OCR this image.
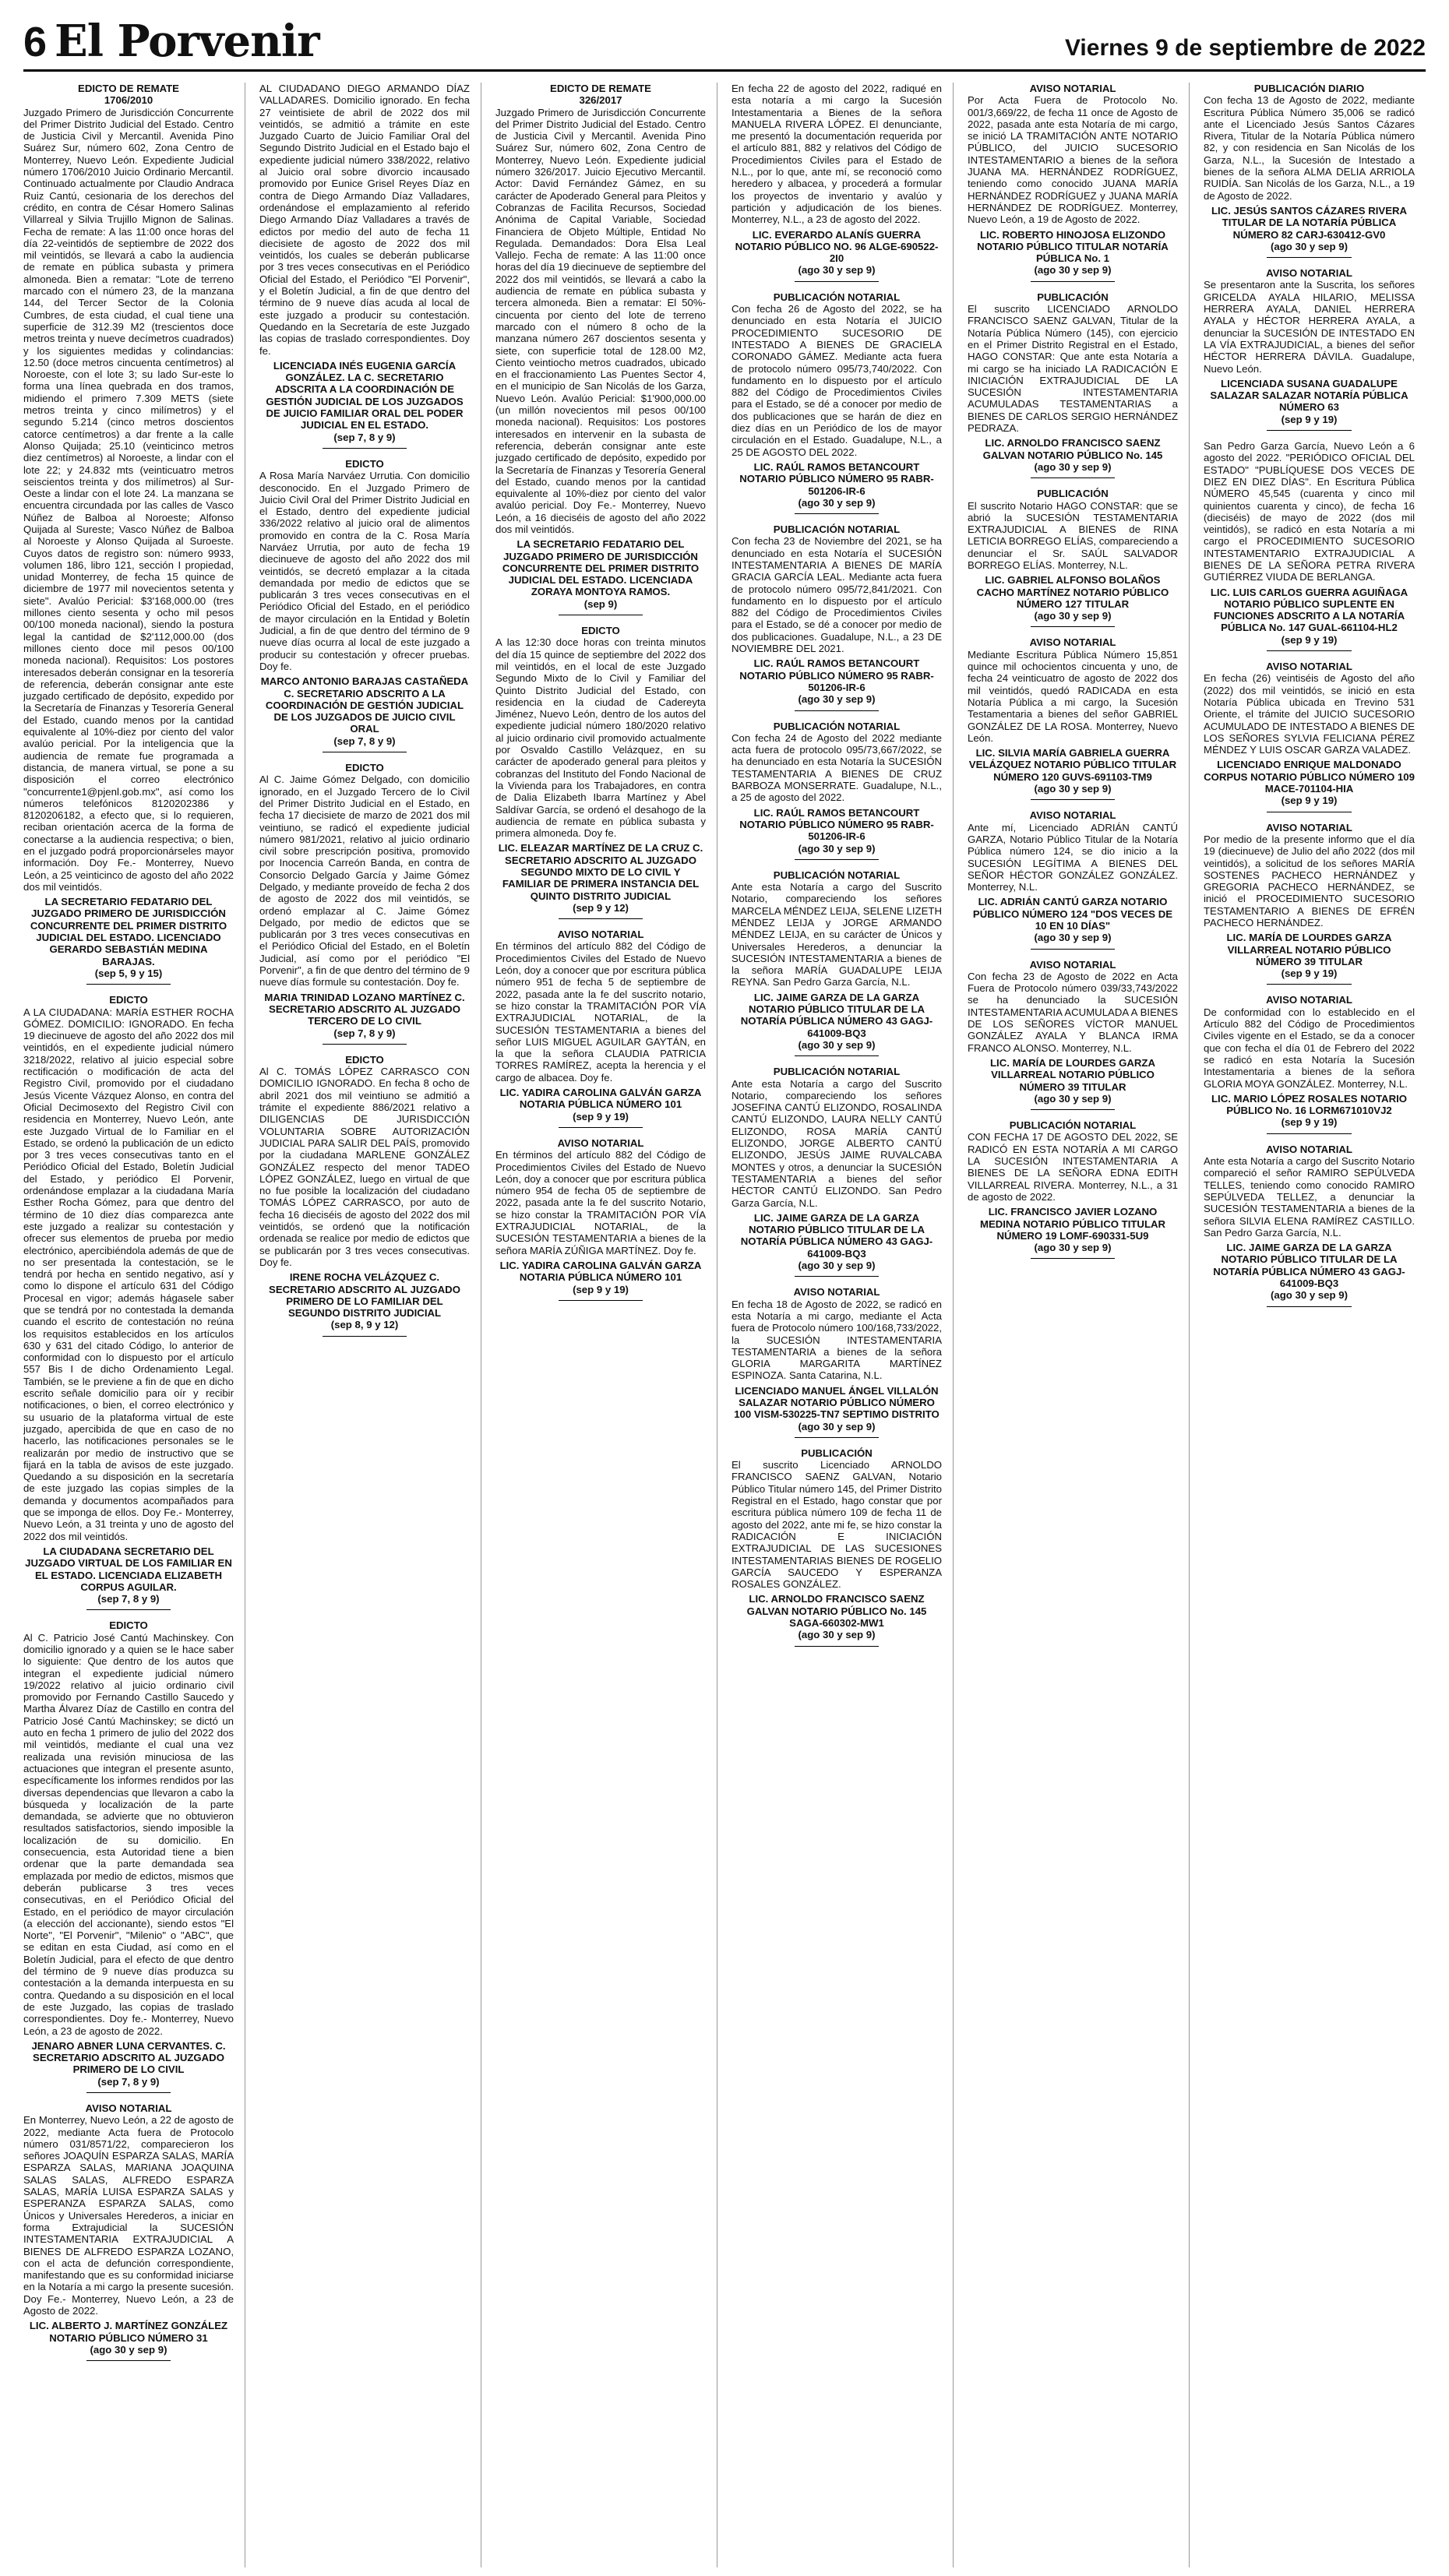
6 El Porvenir	Viernes 9 de septiembre de 2022
EDICTO DE REMATE
1706/2010
Juzgado Primero de Jurisdicción Concurrente del Primer Distrito Judicial del Estado. Centro de Justicia Civil y Mercantil. Avenida Pino Suárez Sur, número 602, Zona Centro de Monterrey, Nuevo León. Expediente Judicial número 1706/2010 Juicio Ordinario Mercantil. Continuado actualmente por Claudio Andraca Ruiz Cantú, cesionaria de los derechos del crédito, en contra de César Homero Salinas Villarreal y Silvia Trujillo Mignon de Salinas. Fecha de remate: A las 11:00 once horas del día 22-veintidós de septiembre de 2022 dos mil veintidós, se llevará a cabo la audiencia de remate en pública subasta y primera almoneda. Bien a rematar: "Lote de terreno marcado con el número 23, de la manzana 144, del Tercer Sector de la Colonia Cumbres, de esta ciudad, el cual tiene una superficie de 312.39 M2 (trescientos doce metros treinta y nueve decímetros cuadrados) y los siguientes medidas y colindancias: 12.50 (doce metros cincuenta centímetros) al Noroeste, con el lote 3; su lado Sur-este lo forma una línea quebrada en dos tramos, midiendo el primero 7.309 METS (siete metros treinta y cinco milímetros) y el segundo 5.214 (cinco metros doscientos catorce centímetros) a dar frente a la calle Alonso Quijada; 25.10 (veinticinco metros diez centímetros) al Noroeste, a lindar con el lote 22; y 24.832 mts (veinticuatro metros seiscientos treinta y dos milímetros) al Sur-Oeste a lindar con el lote 24. La manzana se encuentra circundada por las calles de Vasco Núñez de Balboa al Noroeste; Alfonso Quijada al Sureste; Vasco Núñez de Balboa al Noroeste y Alonso Quijada al Suroeste. Cuyos datos de registro son: número 9933, volumen 186, libro 121, sección I propiedad, unidad Monterrey, de fecha 15 quince de diciembre de 1977 mil novecientos setenta y siete". Avalúo Pericial: $3'168,000.00 (tres millones ciento sesenta y ocho mil pesos 00/100 moneda nacional), siendo la postura legal la cantidad de $2'112,000.00 (dos millones ciento doce mil pesos 00/100 moneda nacional). Requisitos: Los postores interesados deberán consignar en la tesorería de referencia, deberán consignar ante este juzgado certificado de depósito, expedido por la Secretaría de Finanzas y Tesorería General del Estado, cuando menos por la cantidad equivalente al 10%-diez por ciento del valor avalúo pericial. Por la inteligencia que la audiencia de remate fue programada a distancia, de manera virtual, se pone a su disposición el correo electrónico "concurrente1@pjenl.gob.mx", así como los números telefónicos 8120202386 y 8120206182, a efecto que, si lo requieren, reciban orientación acerca de la forma de conectarse a la audiencia respectiva; o bien, en el juzgado podrá proporcionárseles mayor información. Doy Fe.- Monterrey, Nuevo León, a 25 veinticinco de agosto del año 2022 dos mil veintidós.
LA SECRETARIO FEDATARIO DEL JUZGADO PRIMERO DE JURISDICCIÓN CONCURRENTE DEL PRIMER DISTRITO JUDICIAL DEL ESTADO. LICENCIADO GERARDO SEBASTIÁN MEDINA BARAJAS.
(sep 5, 9 y 15)
EDICTO
A LA CIUDADANA: MARÍA ESTHER ROCHA GÓMEZ. DOMICILIO: IGNORADO. En fecha 19 diecinueve de agosto del año 2022 dos mil veintidós, en el expediente judicial número 3218/2022, relativo al juicio especial sobre rectificación o modificación de acta del Registro Civil, promovido por el ciudadano Jesús Vicente Vázquez Alonso, en contra del Oficial Decimosexto del Registro Civil con residencia en Monterrey, Nuevo León, ante este Juzgado Virtual de lo Familiar en el Estado, se ordenó la publicación de un edicto por 3 tres veces consecutivas tanto en el Periódico Oficial del Estado, Boletín Judicial del Estado, y periódico El Porvenir, ordenándose emplazar a la ciudadana María Esther Rocha Gómez, para que dentro del término de 10 diez días comparezca ante este juzgado a realizar su contestación y ofrecer sus elementos de prueba por medio electrónico, apercibiéndola además de que de no ser presentada la contestación, se le tendrá por hecha en sentido negativo, así y como lo dispone el artículo 631 del Código Procesal en vigor; además hágasele saber que se tendrá por no contestada la demanda cuando el escrito de contestación no reúna los requisitos establecidos en los artículos 630 y 631 del citado Código, lo anterior de conformidad con lo dispuesto por el artículo 557 Bis I de dicho Ordenamiento Legal. También, se le previene a fin de que en dicho escrito señale domicilio para oír y recibir notificaciones, o bien, el correo electrónico y su usuario de la plataforma virtual de este juzgado, apercibida de que en caso de no hacerlo, las notificaciones personales se le realizarán por medio de instructivo que se fijará en la tabla de avisos de este juzgado. Quedando a su disposición en la secretaría de este juzgado las copias simples de la demanda y documentos acompañados para que se imponga de ellos. Doy Fe.- Monterrey, Nuevo León, a 31 treinta y uno de agosto del 2022 dos mil veintidós.
LA CIUDADANA SECRETARIO DEL JUZGADO VIRTUAL DE LOS FAMILIAR EN EL ESTADO. LICENCIADA ELIZABETH CORPUS AGUILAR.
(sep 7, 8 y 9)
EDICTO
Al C. Patricio José Cantú Machinskey. Con domicilio ignorado y a quien se le hace saber lo siguiente: Que dentro de los autos que integran el expediente judicial número 19/2022 relativo al juicio ordinario civil promovido por Fernando Castillo Saucedo y Martha Álvarez Díaz de Castillo en contra del Patricio José Cantú Machinskey; se dictó un auto en fecha 1 primero de julio del 2022 dos mil veintidós, mediante el cual una vez realizada una revisión minuciosa de las actuaciones que integran el presente asunto, específicamente los informes rendidos por las diversas dependencias que llevaron a cabo la búsqueda y localización de la parte demandada, se advierte que no obtuvieron resultados satisfactorios, siendo imposible la localización de su domicilio. En consecuencia, esta Autoridad tiene a bien ordenar que la parte demandada sea emplazada por medio de edictos, mismos que deberán publicarse 3 tres veces consecutivas, en el Periódico Oficial del Estado, en el periódico de mayor circulación (a elección del accionante), siendo estos "El Norte", "El Porvenir", "Milenio" o "ABC", que se editan en esta Ciudad, así como en el Boletín Judicial, para el efecto de que dentro del término de 9 nueve días produzca su contestación a la demanda interpuesta en su contra. Quedando a su disposición en el local de este Juzgado, las copias de traslado correspondientes. Doy fe.- Monterrey, Nuevo León, a 23 de agosto de 2022.
JENARO ABNER LUNA CERVANTES. C. SECRETARIO ADSCRITO AL JUZGADO PRIMERO DE LO CIVIL
(sep 7, 8 y 9)
AVISO NOTARIAL
En Monterrey, Nuevo León, a 22 de agosto de 2022, mediante Acta fuera de Protocolo número 031/8571/22, comparecieron los señores JOAQUÍN ESPARZA SALAS, MARÍA ESPARZA SALAS, MARIANA JOAQUINA SALAS SALAS, ALFREDO ESPARZA SALAS, MARÍA LUISA ESPARZA SALAS y ESPERANZA ESPARZA SALAS, como Únicos y Universales Herederos, a iniciar en forma Extrajudicial la SUCESIÓN INTESTAMENTARIA EXTRAJUDICIAL A BIENES DE ALFREDO ESPARZA LOZANO, con el acta de defunción correspondiente, manifestando que es su conformidad iniciarse en la Notaría a mi cargo la presente sucesión. Doy Fe.- Monterrey, Nuevo León, a 23 de Agosto de 2022.
LIC. ALBERTO J. MARTÍNEZ GONZÁLEZ NOTARIO PÚBLICO NÚMERO 31
(ago 30 y sep 9)
AL CIUDADANO DIEGO ARMANDO DÍAZ VALLADARES. Domicilio ignorado. En fecha 27 veintisiete de abril de 2022 dos mil veintidós, se admitió a trámite en este Juzgado Cuarto de Juicio Familiar Oral del Segundo Distrito Judicial en el Estado bajo el expediente judicial número 338/2022, relativo al Juicio oral sobre divorcio incausado promovido por Eunice Grisel Reyes Díaz en contra de Diego Armando Díaz Valladares, ordenándose el emplazamiento al referido Diego Armando Díaz Valladares a través de edictos por medio del auto de fecha 11 diecisiete de agosto de 2022 dos mil veintidós, los cuales se deberán publicarse por 3 tres veces consecutivas en el Periódico Oficial del Estado, el Periódico "El Porvenir", y el Boletín Judicial, a fin de que dentro del término de 9 nueve días acuda al local de este juzgado a producir su contestación. Quedando en la Secretaría de este Juzgado las copias de traslado correspondientes. Doy fe.
LICENCIADA INÉS EUGENIA GARCÍA GONZÁLEZ. LA C. SECRETARIO ADSCRITA A LA COORDINACIÓN DE GESTIÓN JUDICIAL DE LOS JUZGADOS DE JUICIO FAMILIAR ORAL DEL PODER JUDICIAL EN EL ESTADO.
(sep 7, 8 y 9)
EDICTO
A Rosa María Narváez Urrutia. Con domicilio desconocido. En el Juzgado Primero de Juicio Civil Oral del Primer Distrito Judicial en el Estado, dentro del expediente judicial 336/2022 relativo al juicio oral de alimentos promovido en contra de la C. Rosa María Narváez Urrutia, por auto de fecha 19 diecinueve de agosto del año 2022 dos mil veintidós, se decretó emplazar a la citada demandada por medio de edictos que se publicarán 3 tres veces consecutivas en el Periódico Oficial del Estado, en el periódico de mayor circulación en la Entidad y Boletín Judicial, a fin de que dentro del término de 9 nueve días ocurra al local de este juzgado a producir su contestación y ofrecer pruebas. Doy fe.
MARCO ANTONIO BARAJAS CASTAÑEDA C. SECRETARIO ADSCRITO A LA COORDINACIÓN DE GESTIÓN JUDICIAL DE LOS JUZGADOS DE JUICIO CIVIL ORAL
(sep 7, 8 y 9)
EDICTO
Al C. Jaime Gómez Delgado, con domicilio ignorado, en el Juzgado Tercero de lo Civil del Primer Distrito Judicial en el Estado, en fecha 17 diecisiete de marzo de 2021 dos mil veintiuno, se radicó el expediente judicial número 981/2021, relativo al juicio ordinario civil sobre prescripción positiva, promovido por Inocencia Carreón Banda, en contra de Consorcio Delgado García y Jaime Gómez Delgado, y mediante proveído de fecha 2 dos de agosto de 2022 dos mil veintidós, se ordenó emplazar al C. Jaime Gómez Delgado, por medio de edictos que se publicarán por 3 tres veces consecutivas en el Periódico Oficial del Estado, en el Boletín Judicial, así como por el periódico "El Porvenir", a fin de que dentro del término de 9 nueve días formule su contestación. Doy fe.
MARIA TRINIDAD LOZANO MARTÍNEZ C. SECRETARIO ADSCRITO AL JUZGADO TERCERO DE LO CIVIL
(sep 7, 8 y 9)
EDICTO
Al C. TOMÁS LÓPEZ CARRASCO CON DOMICILIO IGNORADO. En fecha 8 ocho de abril 2021 dos mil veintiuno se admitió a trámite el expediente 886/2021 relativo a DILIGENCIAS DE JURISDICCIÓN VOLUNTARIA SOBRE AUTORIZACIÓN JUDICIAL PARA SALIR DEL PAÍS, promovido por la ciudadana MARLENE GONZÁLEZ GONZÁLEZ respecto del menor TADEO LÓPEZ GONZÁLEZ, luego en virtual de que no fue posible la localización del ciudadano TOMÁS LÓPEZ CARRASCO, por auto de fecha 16 dieciséis de agosto del 2022 dos mil veintidós, se ordenó que la notificación ordenada se realice por medio de edictos que se publicarán por 3 tres veces consecutivas. Doy fe.
IRENE ROCHA VELÁZQUEZ C. SECRETARIO ADSCRITO AL JUZGADO PRIMERO DE LO FAMILIAR DEL SEGUNDO DISTRITO JUDICIAL
(sep 8, 9 y 12)
EDICTO DE REMATE
326/2017
Juzgado Primero de Jurisdicción Concurrente del Primer Distrito Judicial del Estado. Centro de Justicia Civil y Mercantil. Avenida Pino Suárez Sur, número 602, Zona Centro de Monterrey, Nuevo León. Expediente judicial número 326/2017. Juicio Ejecutivo Mercantil. Actor: David Fernández Gámez, en su carácter de Apoderado General para Pleitos y Cobranzas de Facilita Recursos, Sociedad Anónima de Capital Variable, Sociedad Financiera de Objeto Múltiple, Entidad No Regulada. Demandados: Dora Elsa Leal Vallejo. Fecha de remate: A las 11:00 once horas del día 19 diecinueve de septiembre del 2022 dos mil veintidós, se llevará a cabo la audiencia de remate en pública subasta y tercera almoneda. Bien a rematar: El 50%-cincuenta por ciento del lote de terreno marcado con el número 8 ocho de la manzana número 267 doscientos sesenta y siete, con superficie total de 128.00 M2, Ciento veintiocho metros cuadrados, ubicado en el fraccionamiento Las Puentes Sector 4, en el municipio de San Nicolás de los Garza, Nuevo León. Avalúo Pericial: $1'900,000.00 (un millón novecientos mil pesos 00/100 moneda nacional). Requisitos: Los postores interesados en intervenir en la subasta de referencia, deberán consignar ante este juzgado certificado de depósito, expedido por la Secretaría de Finanzas y Tesorería General del Estado, cuando menos por la cantidad equivalente al 10%-diez por ciento del valor avalúo pericial. Doy Fe.- Monterrey, Nuevo León, a 16 dieciséis de agosto del año 2022 dos mil veintidós.
LA SECRETARIO FEDATARIO DEL JUZGADO PRIMERO DE JURISDICCIÓN CONCURRENTE DEL PRIMER DISTRITO JUDICIAL DEL ESTADO. LICENCIADA ZORAYA MONTOYA RAMOS.
(sep 9)
EDICTO
A las 12:30 doce horas con treinta minutos del día 15 quince de septiembre del 2022 dos mil veintidós, en el local de este Juzgado Segundo Mixto de lo Civil y Familiar del Quinto Distrito Judicial del Estado, con residencia en la ciudad de Cadereyta Jiménez, Nuevo León, dentro de los autos del expediente judicial número 180/2020 relativo al juicio ordinario civil promovido actualmente por Osvaldo Castillo Velázquez, en su carácter de apoderado general para pleitos y cobranzas del Instituto del Fondo Nacional de la Vivienda para los Trabajadores, en contra de Dalia Elizabeth Ibarra Martínez y Abel Saldívar García, se ordenó el desahogo de la audiencia de remate en pública subasta y primera almoneda. Doy fe.
LIC. ELEAZAR MARTÍNEZ DE LA CRUZ C. SECRETARIO ADSCRITO AL JUZGADO SEGUNDO MIXTO DE LO CIVIL Y FAMILIAR DE PRIMERA INSTANCIA DEL QUINTO DISTRITO JUDICIAL
(sep 9 y 12)
AVISO NOTARIAL
En términos del artículo 882 del Código de Procedimientos Civiles del Estado de Nuevo León, doy a conocer que por escritura pública número 951 de fecha 5 de septiembre de 2022, pasada ante la fe del suscrito notario, se hizo constar la TRAMITACIÓN POR VÍA EXTRAJUDICIAL NOTARIAL, de la SUCESIÓN TESTAMENTARIA a bienes del señor LUIS MIGUEL AGUILAR GAYTÁN, en la que la señora CLAUDIA PATRICIA TORRES RAMÍREZ, acepta la herencia y el cargo de albacea. Doy fe.
LIC. YADIRA CAROLINA GALVÁN GARZA NOTARIA PÚBLICA NÚMERO 101
(sep 9 y 19)
AVISO NOTARIAL
En términos del artículo 882 del Código de Procedimientos Civiles del Estado de Nuevo León, doy a conocer que por escritura pública número 954 de fecha 05 de septiembre de 2022, pasada ante la fe del suscrito Notario, se hizo constar la TRAMITACIÓN POR VÍA EXTRAJUDICIAL NOTARIAL, de la SUCESIÓN TESTAMENTARIA a bienes de la señora MARÍA ZÚÑIGA MARTÍNEZ. Doy fe.
LIC. YADIRA CAROLINA GALVÁN GARZA NOTARIA PÚBLICA NÚMERO 101
(sep 9 y 19)
En fecha 22 de agosto del 2022, radiqué en esta notaría a mi cargo la Sucesión Intestamentaria a Bienes de la señora MANUELA RIVERA LÓPEZ. El denunciante, me presentó la documentación requerida por el artículo 881, 882 y relativos del Código de Procedimientos Civiles para el Estado de N.L., por lo que, ante mí, se reconoció como heredero y albacea, y procederá a formular los proyectos de inventario y avalúo y partición y adjudicación de los bienes. Monterrey, N.L., a 23 de agosto del 2022.
LIC. EVERARDO ALANÍS GUERRA NOTARIO PÚBLICO NO. 96 ALGE-690522-2I0
(ago 30 y sep 9)
PUBLICACIÓN NOTARIAL
Con fecha 26 de Agosto del 2022, se ha denunciado en esta Notaría el JUICIO PROCEDIMIENTO SUCESORIO DE INTESTADO A BIENES DE GRACIELA CORONADO GÁMEZ. Mediante acta fuera de protocolo número 095/73,740/2022. Con fundamento en lo dispuesto por el artículo 882 del Código de Procedimientos Civiles para el Estado, se dé a conocer por medio de dos publicaciones que se harán de diez en diez días en un Periódico de los de mayor circulación en el Estado. Guadalupe, N.L., a 25 DE AGOSTO DEL 2022.
LIC. RAÚL RAMOS BETANCOURT NOTARIO PÚBLICO NÚMERO 95 RABR-501206-IR-6
(ago 30 y sep 9)
PUBLICACIÓN NOTARIAL
Con fecha 23 de Noviembre del 2021, se ha denunciado en esta Notaría el SUCESIÓN INTESTAMENTARIA A BIENES DE MARÍA GRACIA GARCÍA LEAL. Mediante acta fuera de protocolo número 095/72,841/2021. Con fundamento en lo dispuesto por el artículo 882 del Código de Procedimientos Civiles para el Estado, se dé a conocer por medio de dos publicaciones. Guadalupe, N.L., a 23 DE NOVIEMBRE DEL 2021.
LIC. RAÚL RAMOS BETANCOURT NOTARIO PÚBLICO NÚMERO 95 RABR-501206-IR-6
(ago 30 y sep 9)
PUBLICACIÓN NOTARIAL
Con fecha 24 de Agosto del 2022 mediante acta fuera de protocolo 095/73,667/2022, se ha denunciado en esta Notaría la SUCESIÓN TESTAMENTARIA A BIENES DE CRUZ BARBOZA MONSERRATE. Guadalupe, N.L., a 25 de agosto del 2022.
LIC. RAÚL RAMOS BETANCOURT NOTARIO PÚBLICO NÚMERO 95 RABR-501206-IR-6
(ago 30 y sep 9)
PUBLICACIÓN NOTARIAL
Ante esta Notaría a cargo del Suscrito Notario, compareciendo los señores MARCELA MÉNDEZ LEIJA, SELENE LIZETH MÉNDEZ LEIJA y JORGE ARMANDO MÉNDEZ LEIJA, en su carácter de Únicos y Universales Herederos, a denunciar la SUCESIÓN INTESTAMENTARIA a bienes de la señora MARÍA GUADALUPE LEIJA REYNA. San Pedro Garza García, N.L.
LIC. JAIME GARZA DE LA GARZA NOTARIO PÚBLICO TITULAR DE LA NOTARÍA PÚBLICA NÚMERO 43 GAGJ-641009-BQ3
(ago 30 y sep 9)
PUBLICACIÓN NOTARIAL
Ante esta Notaría a cargo del Suscrito Notario, compareciendo los señores JOSEFINA CANTÚ ELIZONDO, ROSALINDA CANTÚ ELIZONDO, LAURA NELLY CANTÚ ELIZONDO, ROSA MARÍA CANTÚ ELIZONDO, JORGE ALBERTO CANTÚ ELIZONDO, JESÚS JAIME RUVALCABA MONTES y otros, a denunciar la SUCESIÓN TESTAMENTARIA a bienes del señor HÉCTOR CANTÚ ELIZONDO. San Pedro Garza García, N.L.
LIC. JAIME GARZA DE LA GARZA NOTARIO PÚBLICO TITULAR DE LA NOTARÍA PÚBLICA NÚMERO 43 GAGJ-641009-BQ3
(ago 30 y sep 9)
AVISO NOTARIAL
En fecha 18 de Agosto de 2022, se radicó en esta Notaría a mi cargo, mediante el Acta fuera de Protocolo número 100/168,733/2022, la SUCESIÓN INTESTAMENTARIA TESTAMENTARIA a bienes de la señora GLORIA MARGARITA MARTÍNEZ ESPINOZA. Santa Catarina, N.L.
LICENCIADO MANUEL ÁNGEL VILLALÓN SALAZAR NOTARIO PÚBLICO NÚMERO 100 VISM-530225-TN7 SEPTIMO DISTRITO
(ago 30 y sep 9)
PUBLICACIÓN
El suscrito Licenciado ARNOLDO FRANCISCO SAENZ GALVAN, Notario Público Titular número 145, del Primer Distrito Registral en el Estado, hago constar que por escritura pública número 109 de fecha 11 de agosto del 2022, ante mi fe, se hizo constar la RADICACIÓN E INICIACIÓN EXTRAJUDICIAL DE LAS SUCESIONES INTESTAMENTARIAS BIENES DE ROGELIO GARCÍA SAUCEDO Y ESPERANZA ROSALES GONZÁLEZ.
LIC. ARNOLDO FRANCISCO SAENZ GALVAN NOTARIO PÚBLICO No. 145 SAGA-660302-MW1
(ago 30 y sep 9)
AVISO NOTARIAL
Por Acta Fuera de Protocolo No. 001/3,669/22, de fecha 11 once de Agosto de 2022, pasada ante esta Notaría de mi cargo, se inició LA TRAMITACIÓN ANTE NOTARIO PÚBLICO, del JUICIO SUCESORIO INTESTAMENTARIO a bienes de la señora JUANA MA. HERNÁNDEZ RODRÍGUEZ, teniendo como conocido JUANA MARÍA HERNÁNDEZ RODRÍGUEZ y JUANA MARÍA HERNÁNDEZ DE RODRÍGUEZ. Monterrey, Nuevo León, a 19 de Agosto de 2022.
LIC. ROBERTO HINOJOSA ELIZONDO NOTARIO PÚBLICO TITULAR NOTARÍA PÚBLICA No. 1
(ago 30 y sep 9)
PUBLICACIÓN
El suscrito LICENCIADO ARNOLDO FRANCISCO SAENZ GALVAN, Titular de la Notaría Pública Número (145), con ejercicio en el Primer Distrito Registral en el Estado, HAGO CONSTAR: Que ante esta Notaría a mi cargo se ha iniciado LA RADICACIÓN E INICIACIÓN EXTRAJUDICIAL DE LA SUCESIÓN INTESTAMENTARIA ACUMULADAS TESTAMENTARIAS a BIENES DE CARLOS SERGIO HERNÁNDEZ PEDRAZA.
LIC. ARNOLDO FRANCISCO SAENZ GALVAN NOTARIO PÚBLICO No. 145
(ago 30 y sep 9)
PUBLICACIÓN
El suscrito Notario HAGO CONSTAR: que se abrió la SUCESIÓN TESTAMENTARIA EXTRAJUDICIAL A BIENES de RINA LETICIA BORREGO ELÍAS, compareciendo a denunciar el Sr. SAÚL SALVADOR BORREGO ELÍAS. Monterrey, N.L.
LIC. GABRIEL ALFONSO BOLAÑOS CACHO MARTÍNEZ NOTARIO PÚBLICO NÚMERO 127 TITULAR
(ago 30 y sep 9)
AVISO NOTARIAL
Mediante Escritura Pública Número 15,851 quince mil ochocientos cincuenta y uno, de fecha 24 veinticuatro de agosto de 2022 dos mil veintidós, quedó RADICADA en esta Notaría Pública a mi cargo, la Sucesión Testamentaria a bienes del señor GABRIEL GONZÁLEZ DE LA ROSA. Monterrey, Nuevo León.
LIC. SILVIA MARÍA GABRIELA GUERRA VELÁZQUEZ NOTARIO PÚBLICO TITULAR NÚMERO 120 GUVS-691103-TM9
(ago 30 y sep 9)
AVISO NOTARIAL
Ante mí, Licenciado ADRIÁN CANTÚ GARZA, Notario Público Titular de la Notaría Pública número 124, se dio inicio a la SUCESIÓN LEGÍTIMA A BIENES DEL SEÑOR HÉCTOR GONZÁLEZ GONZÁLEZ. Monterrey, N.L.
LIC. ADRIÁN CANTÚ GARZA NOTARIO PÚBLICO NÚMERO 124 "DOS VECES DE 10 EN 10 DÍAS"
(ago 30 y sep 9)
AVISO NOTARIAL
Con fecha 23 de Agosto de 2022 en Acta Fuera de Protocolo número 039/33,743/2022 se ha denunciado la SUCESIÓN INTESTAMENTARIA ACUMULADA A BIENES DE LOS SEÑORES VÍCTOR MANUEL GONZÁLEZ AYALA Y BLANCA IRMA FRANCO ALONSO. Monterrey, N.L.
LIC. MARÍA DE LOURDES GARZA VILLARREAL NOTARIO PÚBLICO NÚMERO 39 TITULAR
(ago 30 y sep 9)
PUBLICACIÓN NOTARIAL
CON FECHA 17 DE AGOSTO DEL 2022, SE RADICÓ EN ESTA NOTARÍA A MI CARGO LA SUCESIÓN INTESTAMENTARIA A BIENES DE LA SEÑORA EDNA EDITH VILLARREAL RIVERA. Monterrey, N.L., a 31 de agosto de 2022.
LIC. FRANCISCO JAVIER LOZANO MEDINA NOTARIO PÚBLICO TITULAR NÚMERO 19 LOMF-690331-5U9
(ago 30 y sep 9)
PUBLICACIÓN DIARIO
Con fecha 13 de Agosto de 2022, mediante Escritura Pública Número 35,006 se radicó ante el Licenciado Jesús Santos Cázares Rivera, Titular de la Notaría Pública número 82, y con residencia en San Nicolás de los Garza, N.L., la Sucesión de Intestado a bienes de la señora ALMA DELIA ARRIOLA RUIDÍA. San Nicolás de los Garza, N.L., a 19 de Agosto de 2022.
LIC. JESÚS SANTOS CÁZARES RIVERA TITULAR DE LA NOTARÍA PÚBLICA NÚMERO 82 CARJ-630412-GV0
(ago 30 y sep 9)
AVISO NOTARIAL
Se presentaron ante la Suscrita, los señores GRICELDA AYALA HILARIO, MELISSA HERRERA AYALA, DANIEL HERRERA AYALA y HÉCTOR HERRERA AYALA, a denunciar la SUCESIÓN DE INTESTADO EN LA VÍA EXTRAJUDICIAL, a bienes del señor HÉCTOR HERRERA DÁVILA. Guadalupe, Nuevo León.
LICENCIADA SUSANA GUADALUPE SALAZAR SALAZAR NOTARÍA PÚBLICA NÚMERO 63
(sep 9 y 19)
San Pedro Garza García, Nuevo León a 6 agosto del 2022. "PERIÓDICO OFICIAL DEL ESTADO" "PUBLÍQUESE DOS VECES DE DIEZ EN DIEZ DÍAS". En Escritura Pública NÚMERO 45,545 (cuarenta y cinco mil quinientos cuarenta y cinco), de fecha 16 (dieciséis) de mayo de 2022 (dos mil veintidós), se radicó en esta Notaría a mi cargo el PROCEDIMIENTO SUCESORIO INTESTAMENTARIO EXTRAJUDICIAL A BIENES DE LA SEÑORA PETRA RIVERA GUTIÉRREZ VIUDA DE BERLANGA.
LIC. LUIS CARLOS GUERRA AGUIÑAGA NOTARIO PÚBLICO SUPLENTE EN FUNCIONES ADSCRITO A LA NOTARÍA PÚBLICA No. 147 GUAL-661104-HL2
(sep 9 y 19)
AVISO NOTARIAL
En fecha (26) veintiséis de Agosto del año (2022) dos mil veintidós, se inició en esta Notaría Pública ubicada en Trevino 531 Oriente, el trámite del JUICIO SUCESORIO ACUMULADO DE INTESTADO A BIENES DE LOS SEÑORES SYLVIA FELICIANA PÉREZ MÉNDEZ Y LUIS OSCAR GARZA VALADEZ.
LICENCIADO ENRIQUE MALDONADO CORPUS NOTARIO PÚBLICO NÚMERO 109 MACE-701104-HIA
(sep 9 y 19)
AVISO NOTARIAL
Por medio de la presente informo que el día 19 (diecinueve) de Julio del año 2022 (dos mil veintidós), a solicitud de los señores MARÍA SOSTENES PACHECO HERNÁNDEZ y GREGORIA PACHECO HERNÁNDEZ, se inició el PROCEDIMIENTO SUCESORIO TESTAMENTARIO A BIENES DE EFRÉN PACHECO HERNÁNDEZ.
LIC. MARÍA DE LOURDES GARZA VILLARREAL NOTARIO PÚBLICO NÚMERO 39 TITULAR
(sep 9 y 19)
AVISO NOTARIAL
De conformidad con lo establecido en el Artículo 882 del Código de Procedimientos Civiles vigente en el Estado, se da a conocer que con fecha el día 01 de Febrero del 2022 se radicó en esta Notaría la Sucesión Intestamentaria a bienes de la señora GLORIA MOYA GONZÁLEZ. Monterrey, N.L.
LIC. MARIO LÓPEZ ROSALES NOTARIO PÚBLICO No. 16 LORM671010VJ2
(sep 9 y 19)
AVISO NOTARIAL
Ante esta Notaría a cargo del Suscrito Notario compareció el señor RAMIRO SEPÚLVEDA TELLES, teniendo como conocido RAMIRO SEPÚLVEDA TELLEZ, a denunciar la SUCESIÓN TESTAMENTARIA a bienes de la señora SILVIA ELENA RAMÍREZ CASTILLO. San Pedro Garza García, N.L.
LIC. JAIME GARZA DE LA GARZA NOTARIO PÚBLICO TITULAR DE LA NOTARÍA PÚBLICA NÚMERO 43 GAGJ-641009-BQ3
(ago 30 y sep 9)
